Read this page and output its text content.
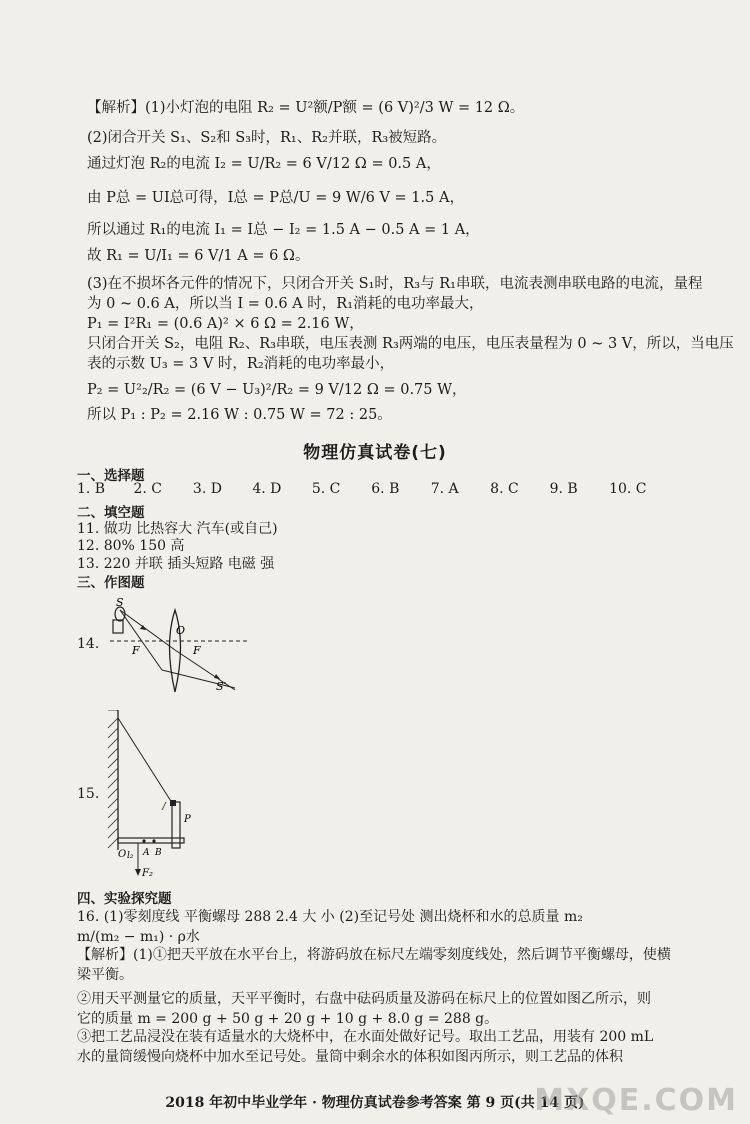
【解析】(1)小灯泡的电阻 R₂ = U²额/P额 = (6 V)²/3 W = 12 Ω。
(2)闭合开关 S₁、S₂和 S₃时，R₁、R₂并联，R₃被短路。
通过灯泡 R₂的电流 I₂ = U/R₂ = 6 V/12 Ω = 0.5 A，
由 P总 = UI总可得，I总 = P总/U = 9 W/6 V = 1.5 A，
所以通过 R₁的电流 I₁ = I总 − I₂ = 1.5 A − 0.5 A = 1 A，
故 R₁ = U/I₁ = 6 V/1 A = 6 Ω。
(3)在不损坏各元件的情况下，只闭合开关 S₁时，R₃与 R₁串联，电流表测串联电路的电流，量程
为 0 ~ 0.6 A，所以当 I = 0.6 A 时，R₁消耗的电功率最大，
P₁ = I²R₁ = (0.6 A)² × 6 Ω = 2.16 W，
只闭合开关 S₂，电阻 R₂、R₃串联，电压表测 R₃两端的电压，电压表量程为 0 ~ 3 V，所以，当电压
表的示数 U₃ = 3 V 时，R₂消耗的电功率最小，
P₂ = U²₂/R₂ = (6 V − U₃)²/R₂ = 9 V/12 Ω = 0.75 W，
所以 P₁ : P₂ = 2.16 W : 0.75 W = 72 : 25。
物理仿真试卷(七)
一、选择题
1. B 2. C 3. D 4. D 5. C 6. B 7. A 8. C 9. B 10. C
二、填空题
11. 做功 比热容大 汽车(或自己)
12. 80% 150 高
13. 220 并联 插头短路 电磁 强
三、作图题
14.
15.
S
O
F	F
S′
P
O l₂ A B
F₂
四、实验探究题
16. (1)零刻度线 平衡螺母 288 2.4 大 小 (2)至记号处 测出烧杯和水的总质量 m₂
m/(m₂ − m₁) · ρ水
【解析】(1)①把天平放在水平台上，将游码放在标尺左端零刻度线处，然后调节平衡螺母，使横
梁平衡。
②用天平测量它的质量，天平平衡时，右盘中砝码质量及游码在标尺上的位置如图乙所示，则
它的质量 m = 200 g + 50 g + 20 g + 10 g + 8.0 g = 288 g。
③把工艺品浸没在装有适量水的大烧杯中，在水面处做好记号。取出工艺品，用装有 200 mL
水的量筒缓慢向烧杯中加水至记号处。量筒中剩余水的体积如图丙所示，则工艺品的体积
2018 年初中毕业学年 · 物理仿真试卷参考答案 第 9 页(共 14 页)
MXQE.COM
